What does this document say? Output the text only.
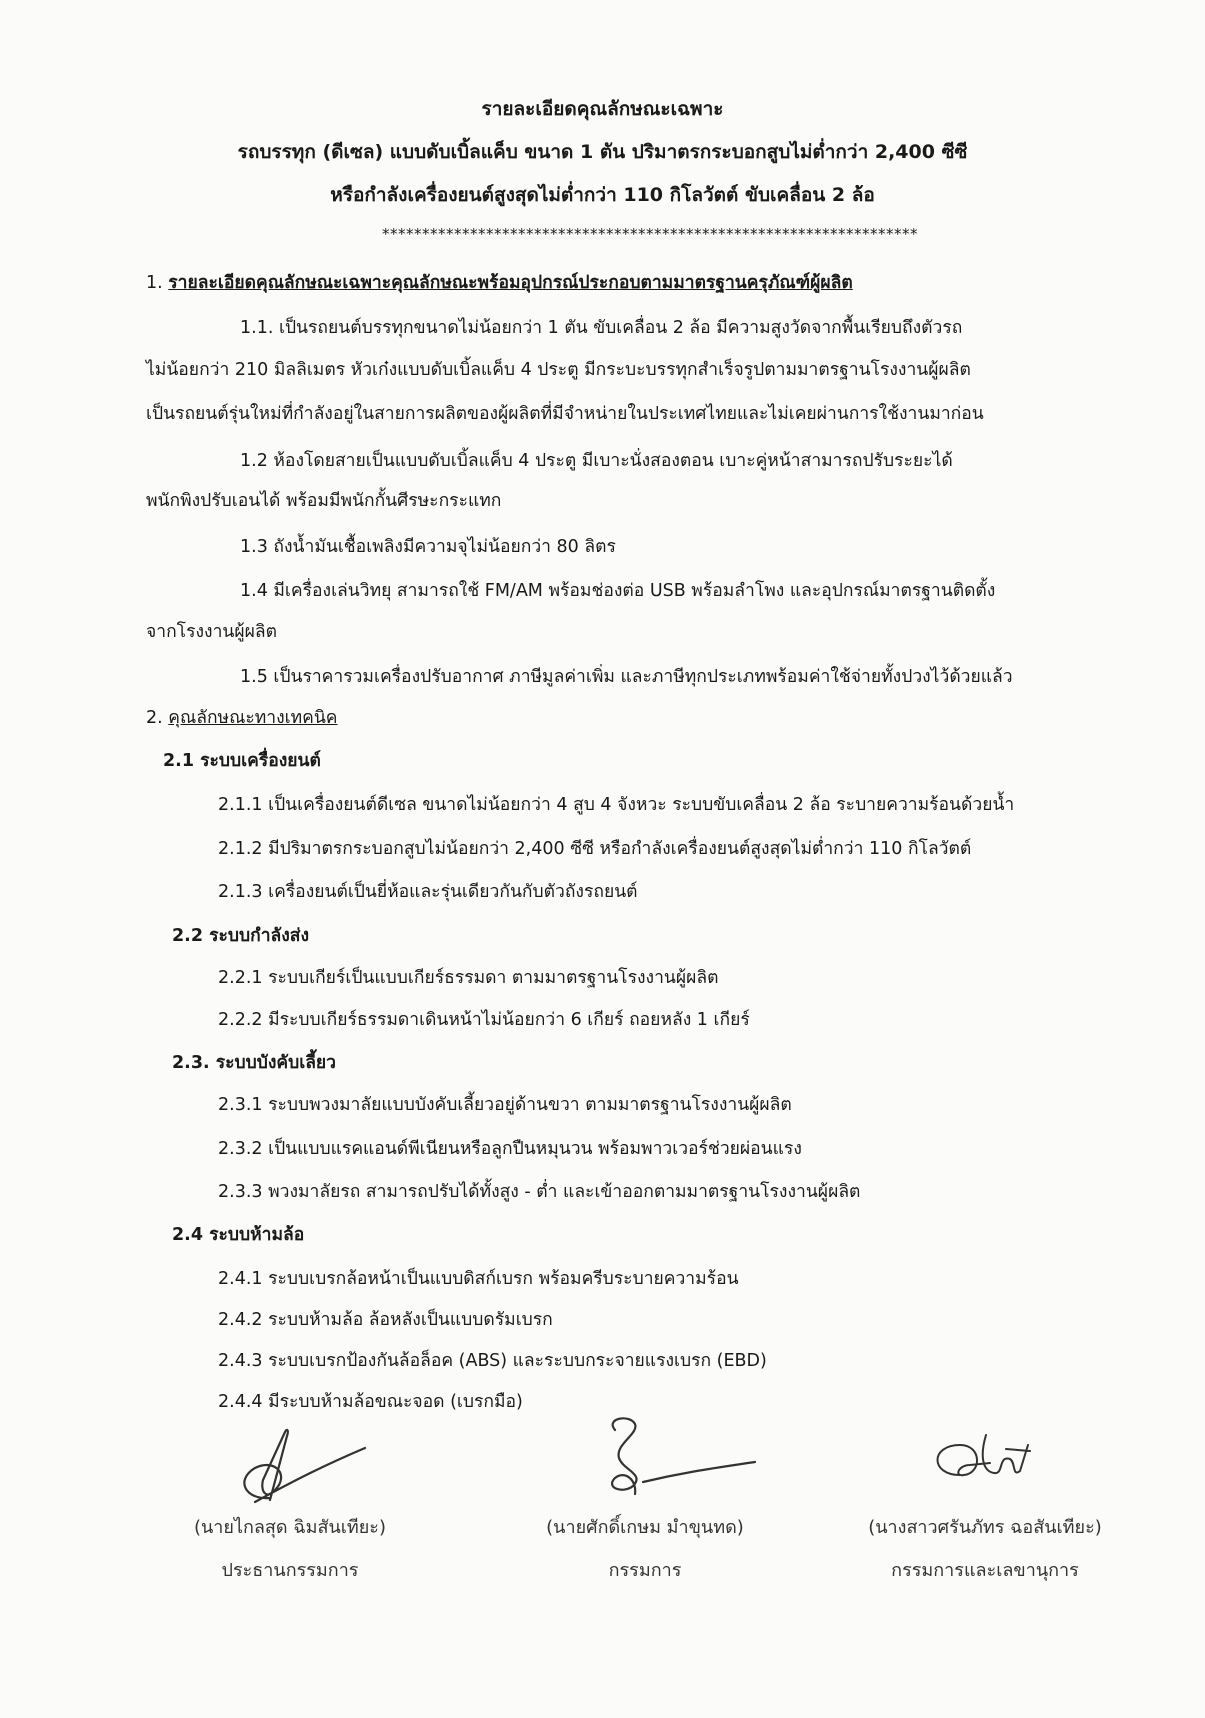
รายละเอียดคุณลักษณะเฉพาะ
รถบรรทุก (ดีเซล) แบบดับเบิ้ลแค็บ ขนาด 1 ตัน ปริมาตรกระบอกสูบไม่ต่ำกว่า 2,400 ซีซี
หรือกำลังเครื่องยนต์สูงสุดไม่ต่ำกว่า 110 กิโลวัตต์ ขับเคลื่อน 2 ล้อ
*******************************************************************
1. รายละเอียดคุณลักษณะเฉพาะคุณลักษณะพร้อมอุปกรณ์ประกอบตามมาตรฐานครุภัณฑ์ผู้ผลิต
1.1. เป็นรถยนต์บรรทุกขนาดไม่น้อยกว่า 1 ตัน ขับเคลื่อน 2 ล้อ มีความสูงวัดจากพื้นเรียบถึงตัวรถ
ไม่น้อยกว่า 210 มิลลิเมตร หัวเก๋งแบบดับเบิ้ลแค็บ 4 ประตู มีกระบะบรรทุกสำเร็จรูปตามมาตรฐานโรงงานผู้ผลิต
เป็นรถยนต์รุ่นใหม่ที่กำลังอยู่ในสายการผลิตของผู้ผลิตที่มีจำหน่ายในประเทศไทยและไม่เคยผ่านการใช้งานมาก่อน
1.2 ห้องโดยสายเป็นแบบดับเบิ้ลแค็บ 4 ประตู มีเบาะนั่งสองตอน เบาะคู่หน้าสามารถปรับระยะได้
พนักพิงปรับเอนได้ พร้อมมีพนักกั้นศีรษะกระแทก
1.3 ถังน้ำมันเชื้อเพลิงมีความจุไม่น้อยกว่า 80 ลิตร
1.4 มีเครื่องเล่นวิทยุ สามารถใช้ FM/AM พร้อมช่องต่อ USB พร้อมลำโพง และอุปกรณ์มาตรฐานติดตั้ง
จากโรงงานผู้ผลิต
1.5 เป็นราคารวมเครื่องปรับอากาศ ภาษีมูลค่าเพิ่ม และภาษีทุกประเภทพร้อมค่าใช้จ่ายทั้งปวงไว้ด้วยแล้ว
2. คุณลักษณะทางเทคนิค
2.1 ระบบเครื่องยนต์
2.1.1 เป็นเครื่องยนต์ดีเซล ขนาดไม่น้อยกว่า 4 สูบ 4 จังหวะ ระบบขับเคลื่อน 2 ล้อ ระบายความร้อนด้วยน้ำ
2.1.2 มีปริมาตรกระบอกสูบไม่น้อยกว่า 2,400 ซีซี หรือกำลังเครื่องยนต์สูงสุดไม่ต่ำกว่า 110 กิโลวัตต์
2.1.3 เครื่องยนต์เป็นยี่ห้อและรุ่นเดียวกันกับตัวถังรถยนต์
2.2 ระบบกำลังส่ง
2.2.1 ระบบเกียร์เป็นแบบเกียร์ธรรมดา ตามมาตรฐานโรงงานผู้ผลิต
2.2.2 มีระบบเกียร์ธรรมดาเดินหน้าไม่น้อยกว่า 6 เกียร์ ถอยหลัง 1 เกียร์
2.3. ระบบบังคับเลี้ยว
2.3.1 ระบบพวงมาลัยแบบบังคับเลี้ยวอยู่ด้านขวา ตามมาตรฐานโรงงานผู้ผลิต
2.3.2 เป็นแบบแรคแอนด์พีเนียนหรือลูกปืนหมุนวน พร้อมพาวเวอร์ช่วยผ่อนแรง
2.3.3 พวงมาลัยรถ สามารถปรับได้ทั้งสูง - ต่ำ และเข้าออกตามมาตรฐานโรงงานผู้ผลิต
2.4 ระบบห้ามล้อ
2.4.1 ระบบเบรกล้อหน้าเป็นแบบดิสก์เบรก พร้อมครีบระบายความร้อน
2.4.2 ระบบห้ามล้อ ล้อหลังเป็นแบบดรัมเบรก
2.4.3 ระบบเบรกป้องกันล้อล็อค (ABS) และระบบกระจายแรงเบรก (EBD)
2.4.4 มีระบบห้ามล้อขณะจอด (เบรกมือ)
(นายไกลสุด ฉิมสันเทียะ)
ประธานกรรมการ
(นายศักดิ์เกษม มำขุนทด)
กรรมการ
(นางสาวศรันภัทร ฉอสันเทียะ)
กรรมการและเลขานุการ
